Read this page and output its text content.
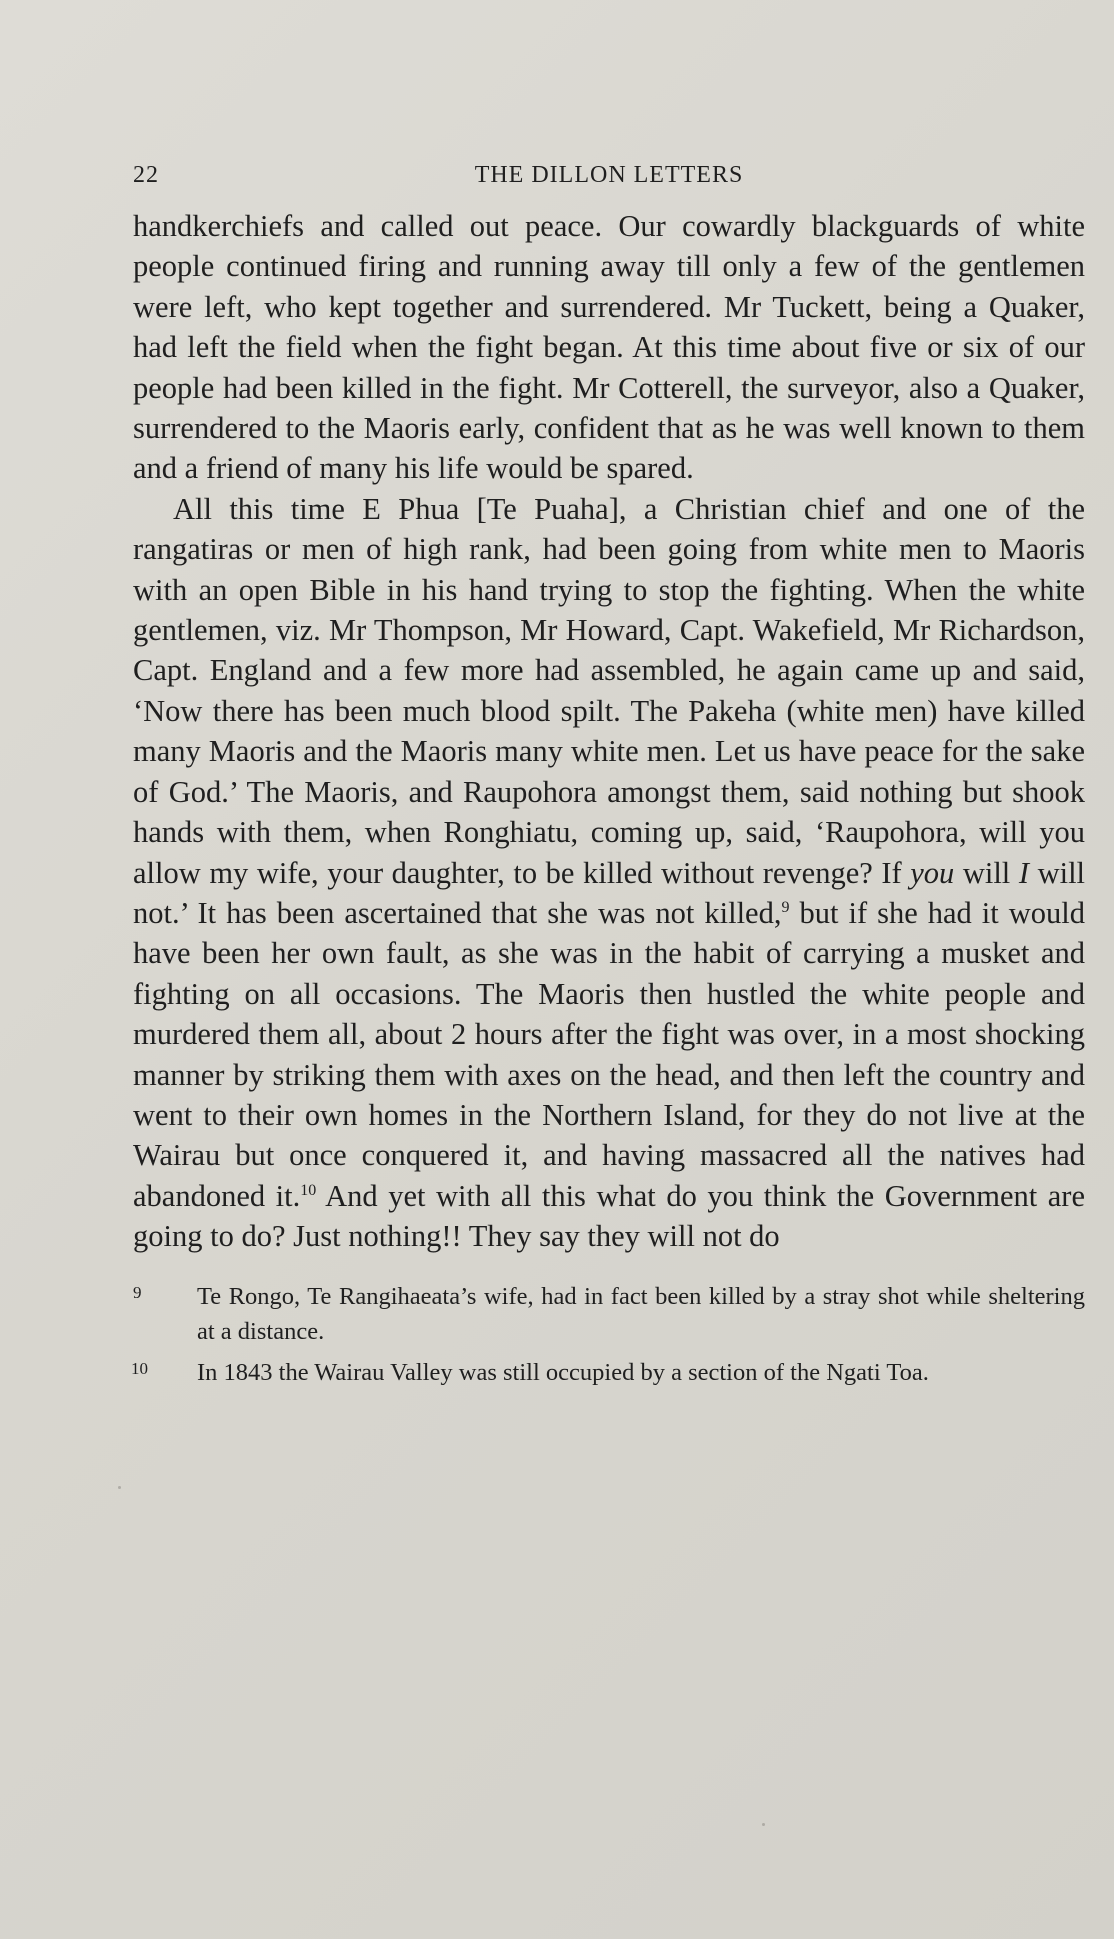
22	THE DILLON LETTERS

handkerchiefs and called out peace. Our cowardly blackguards of white people continued firing and running away till only a few of the gentlemen were left, who kept together and surrendered. Mr Tuckett, being a Quaker, had left the field when the fight began. At this time about five or six of our people had been killed in the fight. Mr Cotterell, the surveyor, also a Quaker, surrendered to the Maoris early, confident that as he was well known to them and a friend of many his life would be spared.

All this time E Phua [Te Puaha], a Christian chief and one of the rangatiras or men of high rank, had been going from white men to Maoris with an open Bible in his hand trying to stop the fighting. When the white gentlemen, viz. Mr Thompson, Mr Howard, Capt. Wakefield, Mr Richardson, Capt. England and a few more had assembled, he again came up and said, ‘Now there has been much blood spilt. The Pakeha (white men) have killed many Maoris and the Maoris many white men. Let us have peace for the sake of God.’ The Maoris, and Raupohora amongst them, said nothing but shook hands with them, when Ronghiatu, coming up, said, ‘Raupohora, will you allow my wife, your daughter, to be killed without revenge? If you will I will not.’ It has been ascertained that she was not killed,$^9$ but if she had it would have been her own fault, as she was in the habit of carrying a musket and fighting on all occasions. The Maoris then hustled the white people and murdered them all, about 2 hours after the fight was over, in a most shocking manner by striking them with axes on the head, and then left the country and went to their own homes in the Northern Island, for they do not live at the Wairau but once conquered it, and having massacred all the natives had abandoned it.$^{10}$ And yet with all this what do you think the Government are going to do? Just nothing!! They say they will not do

9 Te Rongo, Te Rangihaeata’s wife, had in fact been killed by a stray shot while sheltering at a distance.

10 In 1843 the Wairau Valley was still occupied by a section of the Ngati Toa.
